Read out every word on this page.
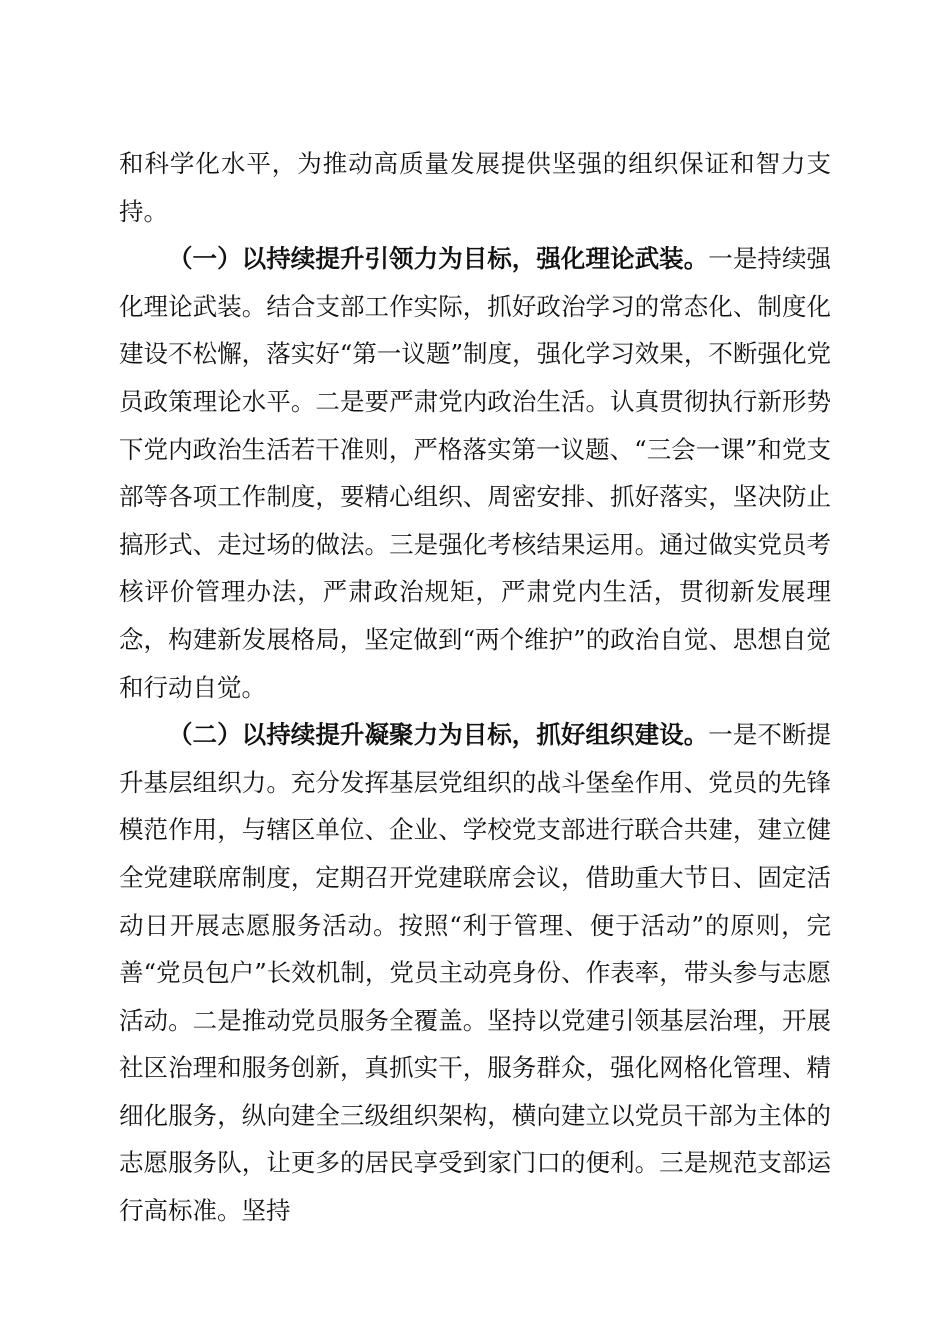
和科学化水平，为推动高质量发展提供坚强的组织保证和智力支持。

（一）以持续提升引领力为目标，强化理论武装。一是持续强化理论武装。结合支部工作实际，抓好政治学习的常态化、制度化建设不松懈，落实好“第一议题”制度，强化学习效果，不断强化党员政策理论水平。二是要严肃党内政治生活。认真贯彻执行新形势下党内政治生活若干准则，严格落实第一议题、“三会一课”和党支部等各项工作制度，要精心组织、周密安排、抓好落实，坚决防止搞形式、走过场的做法。三是强化考核结果运用。通过做实党员考核评价管理办法，严肃政治规矩，严肃党内生活，贯彻新发展理念，构建新发展格局，坚定做到“两个维护”的政治自觉、思想自觉和行动自觉。

（二）以持续提升凝聚力为目标，抓好组织建设。一是不断提升基层组织力。充分发挥基层党组织的战斗堡垒作用、党员的先锋模范作用，与辖区单位、企业、学校党支部进行联合共建，建立健全党建联席制度，定期召开党建联席会议，借助重大节日、固定活动日开展志愿服务活动。按照“利于管理、便于活动”的原则，完善“党员包户”长效机制，党员主动亮身份、作表率，带头参与志愿活动。二是推动党员服务全覆盖。坚持以党建引领基层治理，开展社区治理和服务创新，真抓实干，服务群众，强化网格化管理、精细化服务，纵向建全三级组织架构，横向建立以党员干部为主体的志愿服务队，让更多的居民享受到家门口的便利。三是规范支部运行高标准。坚持
